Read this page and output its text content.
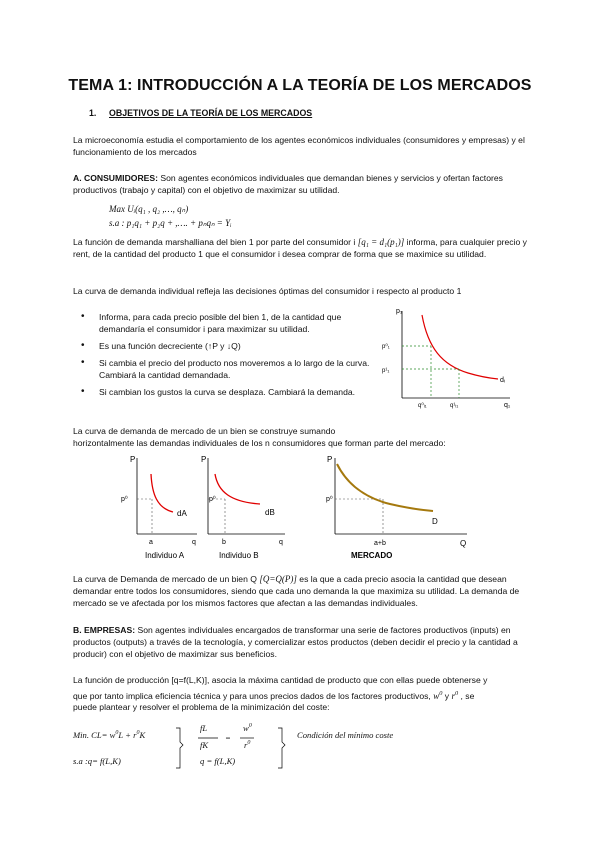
TEMA 1: INTRODUCCIÓN A LA TEORÍA DE LOS MERCADOS
1. OBJETIVOS DE LA TEORÍA DE LOS MERCADOS
La microeconomía estudia el comportamiento de los agentes económicos individuales (consumidores y empresas) y el funcionamiento de los mercados
A. CONSUMIDORES: Son agentes económicos individuales que demandan bienes y servicios y ofertan factores productivos (trabajo y capital) con el objetivo de maximizar su utilidad.
Max Uᵢ(q₁ , q₂ ,…, qₙ)
s.a : p₁q₁ + p₂q + ,…. + pₙqₙ = Yᵢ
La función de demanda marshalliana del bien 1 por parte del consumidor i [q₁ = d₁(p₁)] informa, para cualquier precio y rent, de la cantidad del producto 1 que el consumidor i desea comprar de forma que se maximice su utilidad.
La curva de demanda individual refleja las decisiones óptimas del consumidor i respecto al producto 1
• Informa, para cada precio posible del bien 1, de la cantidad que demandaría el consumidor i para maximizar su utilidad.
• Es una función decreciente (↑P y ↓Q)
• Si cambia el precio del producto nos moveremos a lo largo de la curva. Cambiará la cantidad demandada.
• Si cambian los gustos la curva se desplaza. Cambiará la demanda.
p₁
q₁
p⁰₁
p¹₁
q⁰ᵢ₁	q¹ᵢ₁
dᵢ
La curva de demanda de mercado de un bien se construye sumando
horizontalmente las demandas individuales de los n consumidores que forman parte del mercado:
P
q
p⁰
a
dA
Individuo A
P
q
p⁰
b
dB
Individuo B
P
Q
p⁰
a+b
D
MERCADO
La curva de Demanda de mercado de un bien Q [Q=Q(P)] es la que a cada precio asocia la cantidad que desean demandar entre todos los consumidores, siendo que cada uno demanda la que maximiza su utilidad. La demanda de mercado se ve afectada por los mismos factores que afectan a las demandas individuales.
B. EMPRESAS: Son agentes individuales encargados de transformar una serie de factores productivos (inputs) en productos (outputs) a través de la tecnología, y comercializar estos productos (deben decidir el precio y la cantidad a producir) con el objetivo de maximizar sus beneficios.
La función de producción [q=f(L,K)], asocia la máxima cantidad de producto que con ellas puede obtenerse y
que por tanto implica eficiencia técnica y para unos precios dados de los factores productivos, $w^0$ y $r^0$ , se
puede plantear y resolver el problema de la minimización del coste:
Min. $CL= w^0L + r^0K$
s.a :q= f(L,K)
fL
fK
=
$w^0$
$r^0$
q = f(L,K)
Condición del mínimo coste
